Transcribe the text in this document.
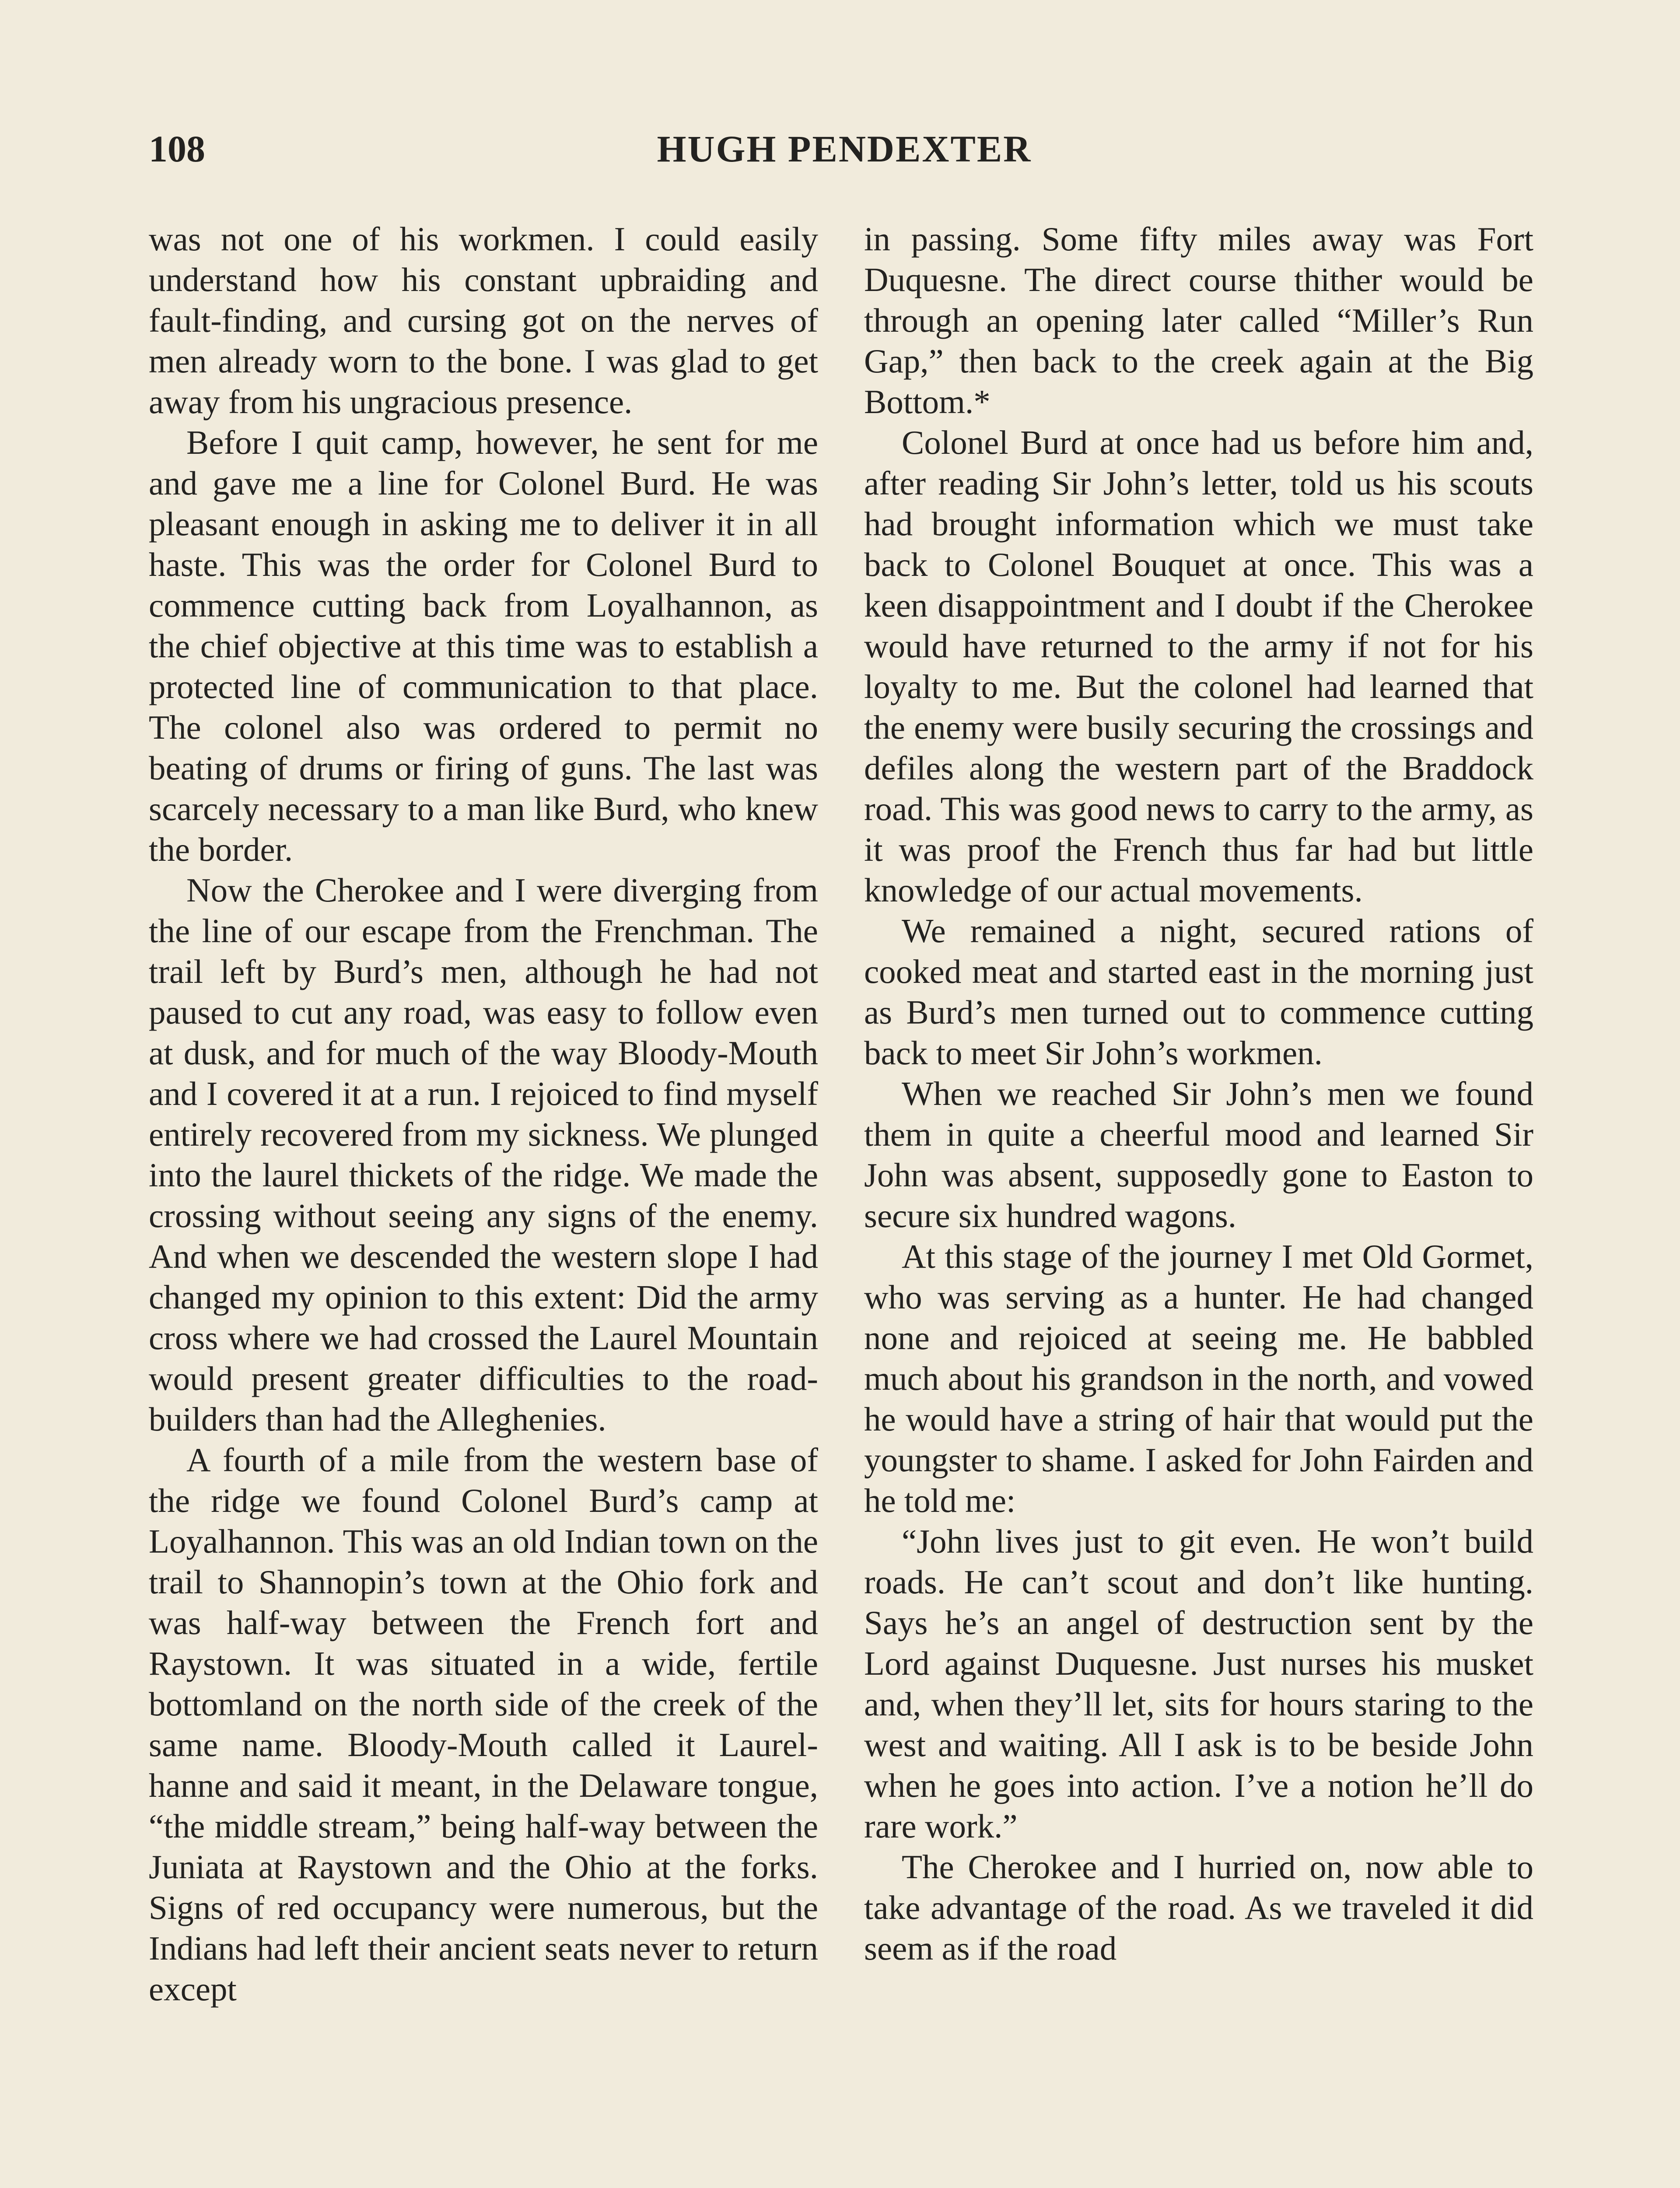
108	HUGH PENDEXTER

was not one of his workmen. I could easily understand how his constant upbraiding and fault-finding, and cursing got on the nerves of men already worn to the bone. I was glad to get away from his ungracious presence.

Before I quit camp, however, he sent for me and gave me a line for Colonel Burd. He was pleasant enough in asking me to deliver it in all haste. This was the order for Colonel Burd to commence cutting back from Loyalhannon, as the chief objective at this time was to establish a protected line of communication to that place. The colonel also was ordered to permit no beating of drums or firing of guns. The last was scarcely necessary to a man like Burd, who knew the border.

Now the Cherokee and I were diverging from the line of our escape from the Frenchman. The trail left by Burd’s men, although he had not paused to cut any road, was easy to follow even at dusk, and for much of the way Bloody-Mouth and I covered it at a run. I rejoiced to find myself entirely recovered from my sickness. We plunged into the laurel thickets of the ridge. We made the crossing without seeing any signs of the enemy. And when we descended the western slope I had changed my opinion to this extent: Did the army cross where we had crossed the Laurel Mountain would present greater difficulties to the road-builders than had the Alleghenies.

A fourth of a mile from the western base of the ridge we found Colonel Burd’s camp at Loyalhannon. This was an old Indian town on the trail to Shannopin’s town at the Ohio fork and was half-way between the French fort and Raystown. It was situated in a wide, fertile bottomland on the north side of the creek of the same name. Bloody-Mouth called it Laurel-hanne and said it meant, in the Delaware tongue, “the middle stream,” being half-way between the Juniata at Raystown and the Ohio at the forks. Signs of red occupancy were numerous, but the Indians had left their ancient seats never to return except

in passing. Some fifty miles away was Fort Duquesne. The direct course thither would be through an opening later called “Miller’s Run Gap,” then back to the creek again at the Big Bottom.*

Colonel Burd at once had us before him and, after reading Sir John’s letter, told us his scouts had brought information which we must take back to Colonel Bouquet at once. This was a keen disappointment and I doubt if the Cherokee would have returned to the army if not for his loyalty to me. But the colonel had learned that the enemy were busily securing the crossings and defiles along the western part of the Braddock road. This was good news to carry to the army, as it was proof the French thus far had but little knowledge of our actual movements.

We remained a night, secured rations of cooked meat and started east in the morning just as Burd’s men turned out to commence cutting back to meet Sir John’s workmen.

When we reached Sir John’s men we found them in quite a cheerful mood and learned Sir John was absent, supposedly gone to Easton to secure six hundred wagons.

At this stage of the journey I met Old Gormet, who was serving as a hunter. He had changed none and rejoiced at seeing me. He babbled much about his grandson in the north, and vowed he would have a string of hair that would put the youngster to shame. I asked for John Fairden and he told me:

“John lives just to git even. He won’t build roads. He can’t scout and don’t like hunting. Says he’s an angel of destruction sent by the Lord against Duquesne. Just nurses his musket and, when they’ll let, sits for hours staring to the west and waiting. All I ask is to be beside John when he goes into action. I’ve a notion he’ll do rare work.”

The Cherokee and I hurried on, now able to take advantage of the road. As we traveled it did seem as if the road
